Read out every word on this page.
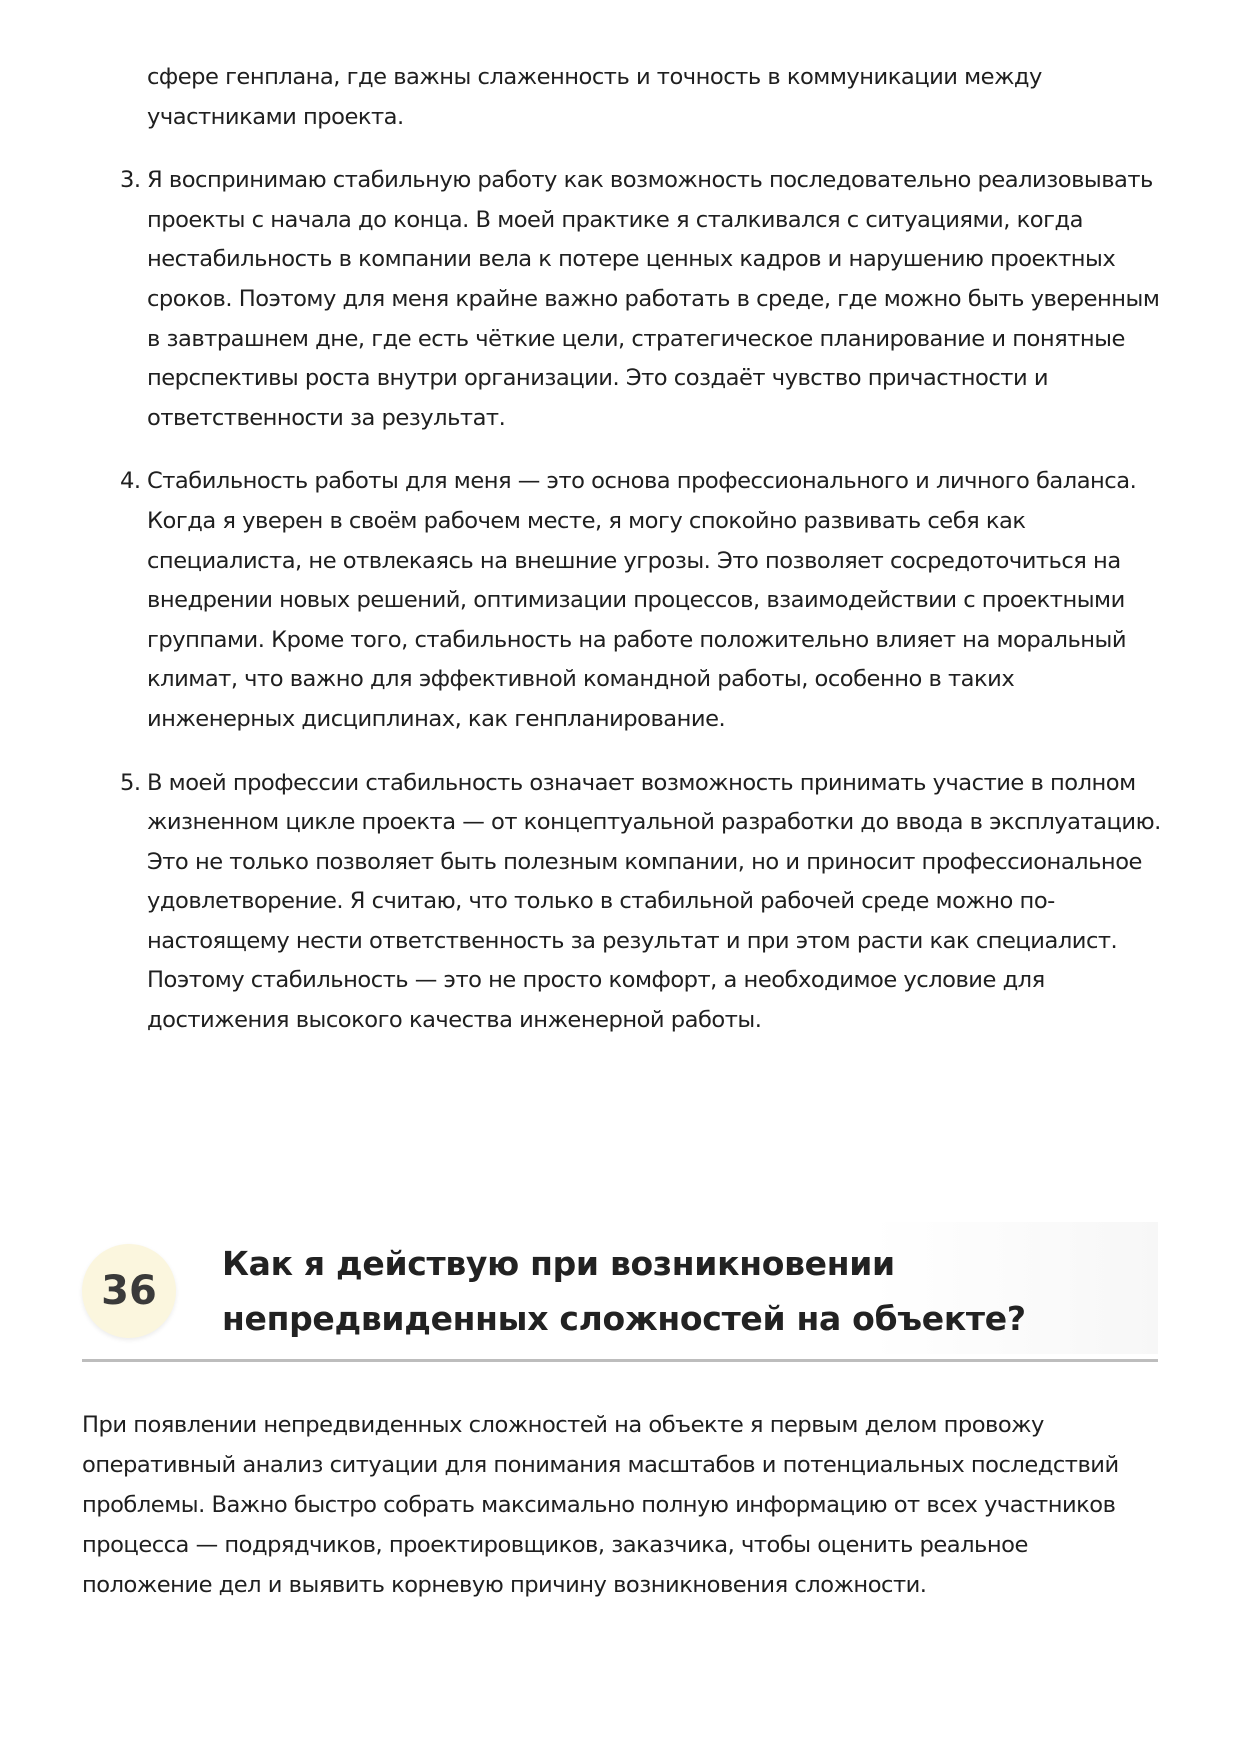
сфере генплана, где важны слаженность и точность в коммуникации между
участниками проекта.
3. Я воспринимаю стабильную работу как возможность последовательно реализовывать
проекты с начала до конца. В моей практике я сталкивался с ситуациями, когда
нестабильность в компании вела к потере ценных кадров и нарушению проектных
сроков. Поэтому для меня крайне важно работать в среде, где можно быть уверенным
в завтрашнем дне, где есть чёткие цели, стратегическое планирование и понятные
перспективы роста внутри организации. Это создаёт чувство причастности и
ответственности за результат.
4. Стабильность работы для меня — это основа профессионального и личного баланса.
Когда я уверен в своём рабочем месте, я могу спокойно развивать себя как
специалиста, не отвлекаясь на внешние угрозы. Это позволяет сосредоточиться на
внедрении новых решений, оптимизации процессов, взаимодействии с проектными
группами. Кроме того, стабильность на работе положительно влияет на моральный
климат, что важно для эффективной командной работы, особенно в таких
инженерных дисциплинах, как генпланирование.
5. В моей профессии стабильность означает возможность принимать участие в полном
жизненном цикле проекта — от концептуальной разработки до ввода в эксплуатацию.
Это не только позволяет быть полезным компании, но и приносит профессиональное
удовлетворение. Я считаю, что только в стабильной рабочей среде можно по-
настоящему нести ответственность за результат и при этом расти как специалист.
Поэтому стабильность — это не просто комфорт, а необходимое условие для
достижения высокого качества инженерной работы.
36
Как я действую при возникновении
непредвиденных сложностей на объекте?
При появлении непредвиденных сложностей на объекте я первым делом провожу
оперативный анализ ситуации для понимания масштабов и потенциальных последствий
проблемы. Важно быстро собрать максимально полную информацию от всех участников
процесса — подрядчиков, проектировщиков, заказчика, чтобы оценить реальное
положение дел и выявить корневую причину возникновения сложности.
